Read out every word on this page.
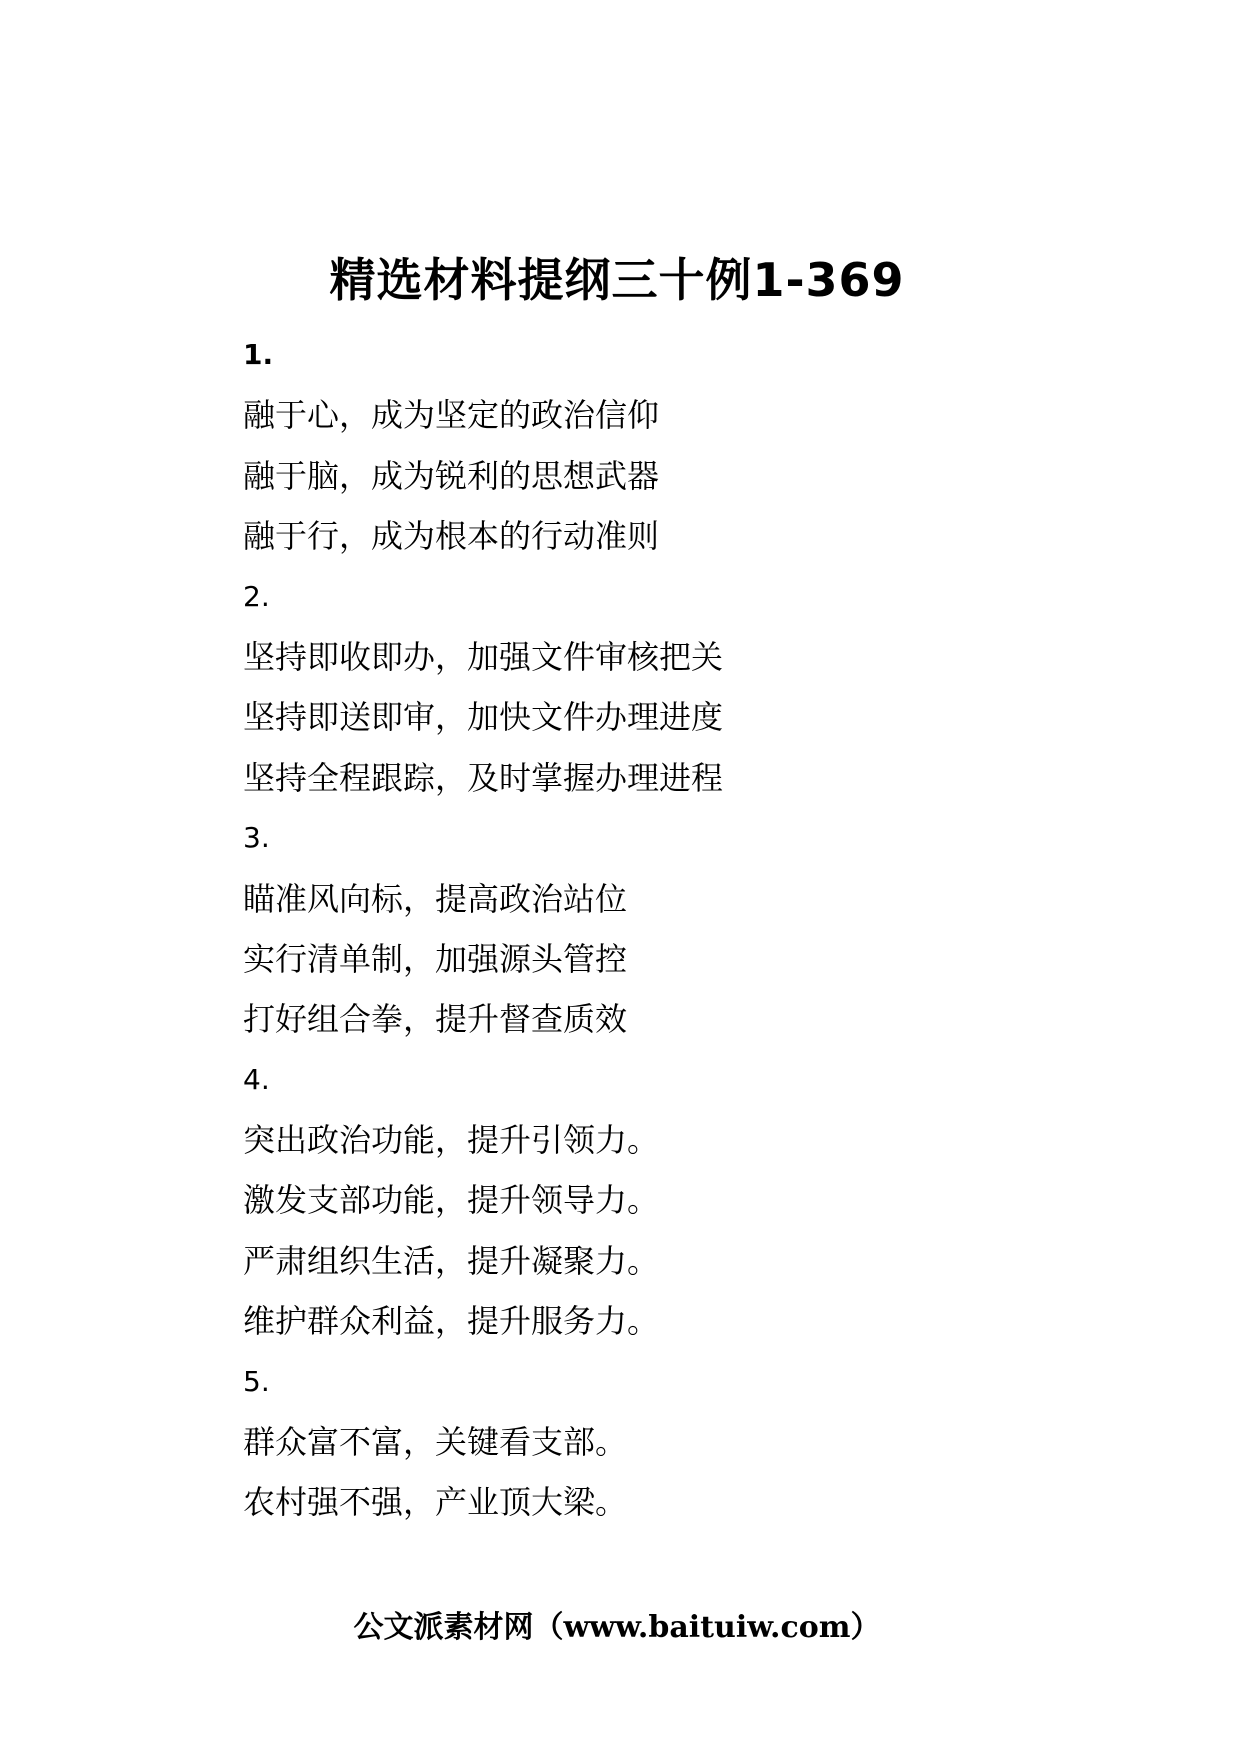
精选材料提纲三十例1-369
1.
融于心，成为坚定的政治信仰
融于脑，成为锐利的思想武器
融于行，成为根本的行动准则
2.
坚持即收即办，加强文件审核把关
坚持即送即审，加快文件办理进度
坚持全程跟踪，及时掌握办理进程
3.
瞄准风向标，提高政治站位
实行清单制，加强源头管控
打好组合拳，提升督查质效
4.
突出政治功能，提升引领力。
激发支部功能，提升领导力。
严肃组织生活，提升凝聚力。
维护群众利益，提升服务力。
5.
群众富不富，关键看支部。
农村强不强，产业顶大梁。
公文派素材网（www.baituiw.com）
